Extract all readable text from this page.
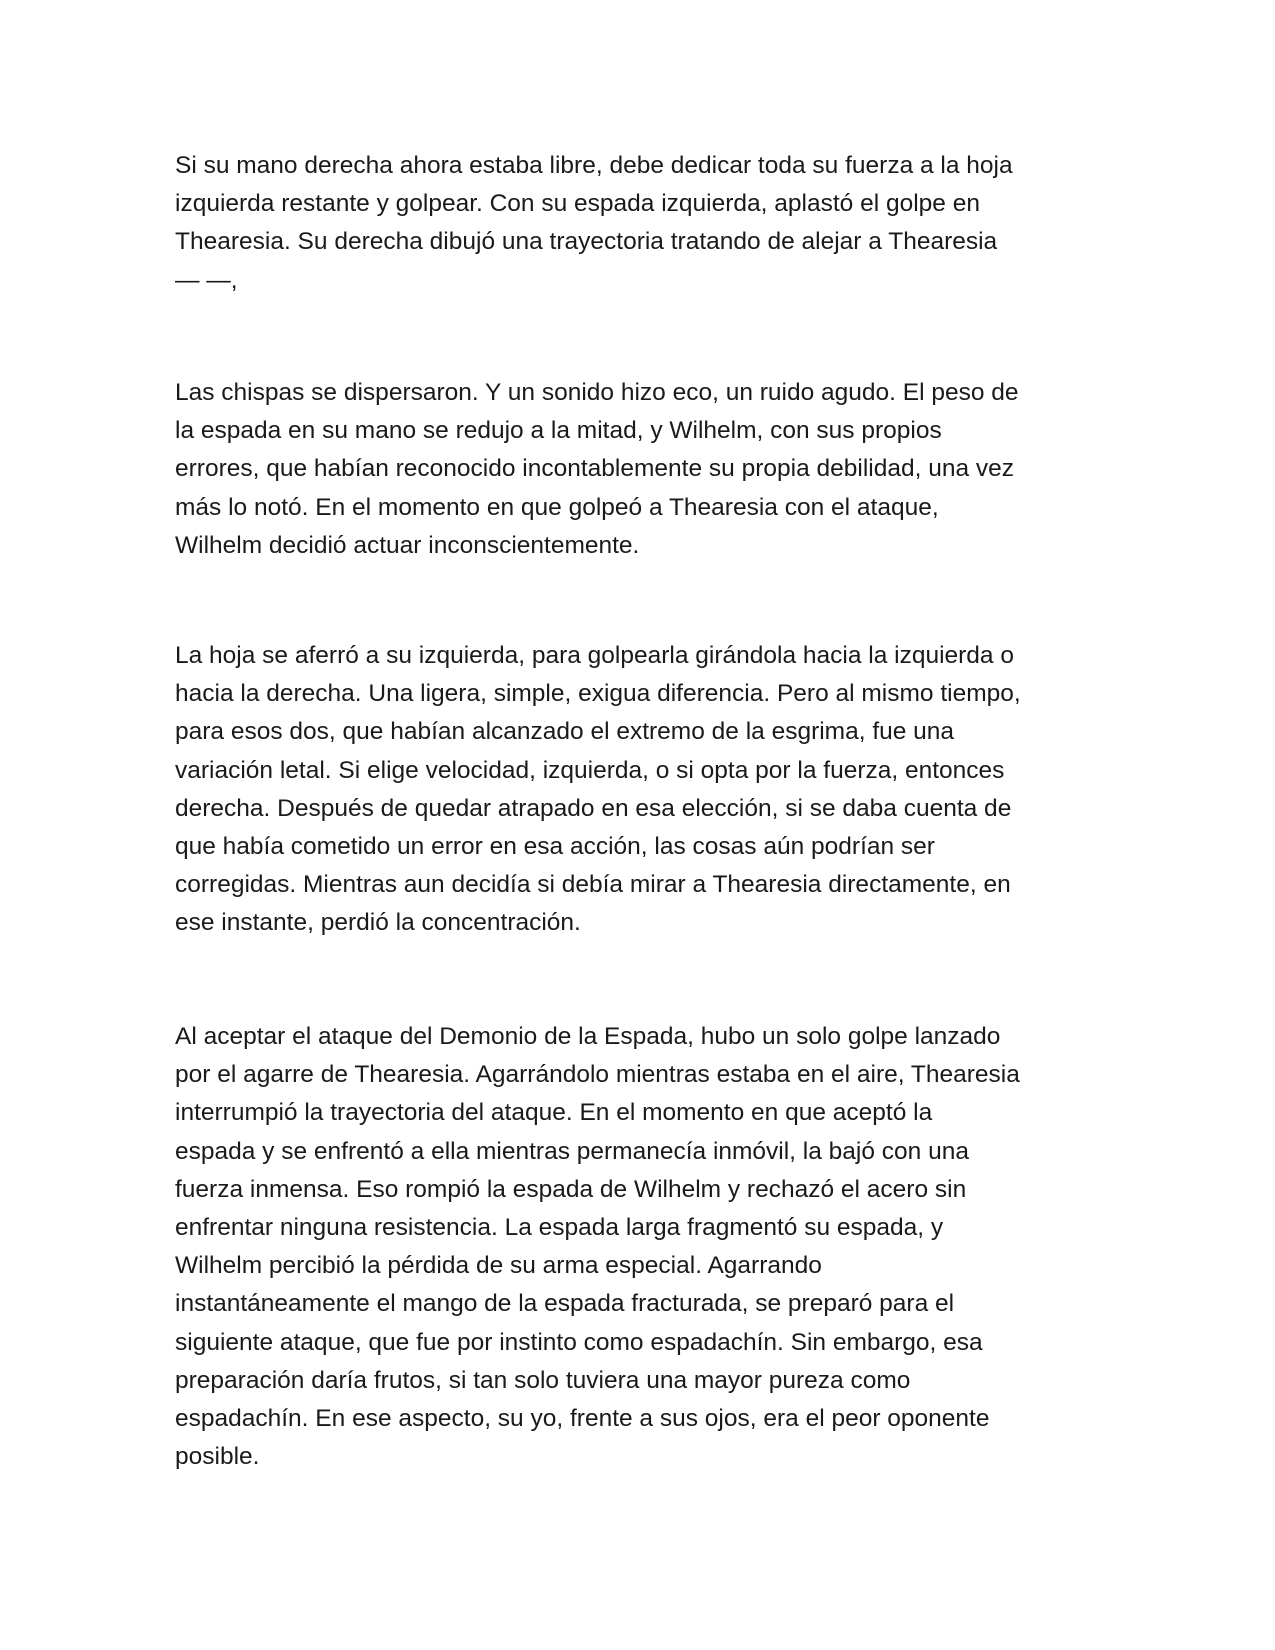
Si su mano derecha ahora estaba libre, debe dedicar toda su fuerza a la hoja
izquierda restante y golpear. Con su espada izquierda, aplastó el golpe en
Thearesia. Su derecha dibujó una trayectoria tratando de alejar a Thearesia
— —,

Las chispas se dispersaron. Y un sonido hizo eco, un ruido agudo. El peso de
la espada en su mano se redujo a la mitad, y Wilhelm, con sus propios
errores, que habían reconocido incontablemente su propia debilidad, una vez
más lo notó. En el momento en que golpeó a Thearesia con el ataque,
Wilhelm decidió actuar inconscientemente.

La hoja se aferró a su izquierda, para golpearla girándola hacia la izquierda o
hacia la derecha. Una ligera, simple, exigua diferencia. Pero al mismo tiempo,
para esos dos, que habían alcanzado el extremo de la esgrima, fue una
variación letal. Si elige velocidad, izquierda, o si opta por la fuerza, entonces
derecha. Después de quedar atrapado en esa elección, si se daba cuenta de
que había cometido un error en esa acción, las cosas aún podrían ser
corregidas. Mientras aun decidía si debía mirar a Thearesia directamente, en
ese instante, perdió la concentración.

Al aceptar el ataque del Demonio de la Espada, hubo un solo golpe lanzado
por el agarre de Thearesia. Agarrándolo mientras estaba en el aire, Thearesia
interrumpió la trayectoria del ataque. En el momento en que aceptó la
espada y se enfrentó a ella mientras permanecía inmóvil, la bajó con una
fuerza inmensa. Eso rompió la espada de Wilhelm y rechazó el acero sin
enfrentar ninguna resistencia. La espada larga fragmentó su espada, y
Wilhelm percibió la pérdida de su arma especial. Agarrando
instantáneamente el mango de la espada fracturada, se preparó para el
siguiente ataque, que fue por instinto como espadachín. Sin embargo, esa
preparación daría frutos, si tan solo tuviera una mayor pureza como
espadachín. En ese aspecto, su yo, frente a sus ojos, era el peor oponente
posible.
